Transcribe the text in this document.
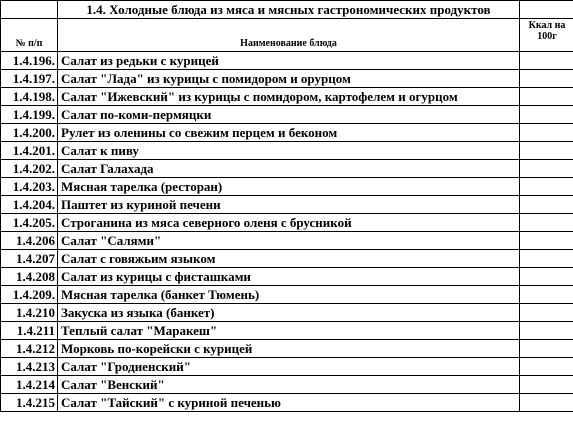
	1.4. Холодные блюда из мяса и мясных гастрономических продуктов	
№ п/п	Наименование блюда	Ккал на
100г
1.4.196.	Салат из редьки с курицей	
1.4.197.	Салат "Лада" из курицы с помидором и орурцом	
1.4.198.	Салат "Ижевский" из курицы с помидором, картофелем и огурцом	
1.4.199.	Салат по-коми-пермяцки	
1.4.200.	Рулет из оленины со свежим перцем и беконом	
1.4.201.	Салат к пиву	
1.4.202.	Салат Галахада	
1.4.203.	Мясная тарелка (ресторан)	
1.4.204.	Паштет из куриной печени	
1.4.205.	Строганина из мяса северного оленя с брусникой	
1.4.206	Салат "Салями"	
1.4.207	Салат с говяжьим языком	
1.4.208	Салат из курицы с фисташками	
1.4.209.	Мясная тарелка (банкет Тюмень)	
1.4.210	Закуска из языка (банкет)	
1.4.211	Теплый салат "Маракеш"	
1.4.212	Морковь по-корейски с курицей	
1.4.213	Салат "Гродненский"	
1.4.214	Салат "Венский"	
1.4.215	Салат "Тайский" с куриной печенью	
